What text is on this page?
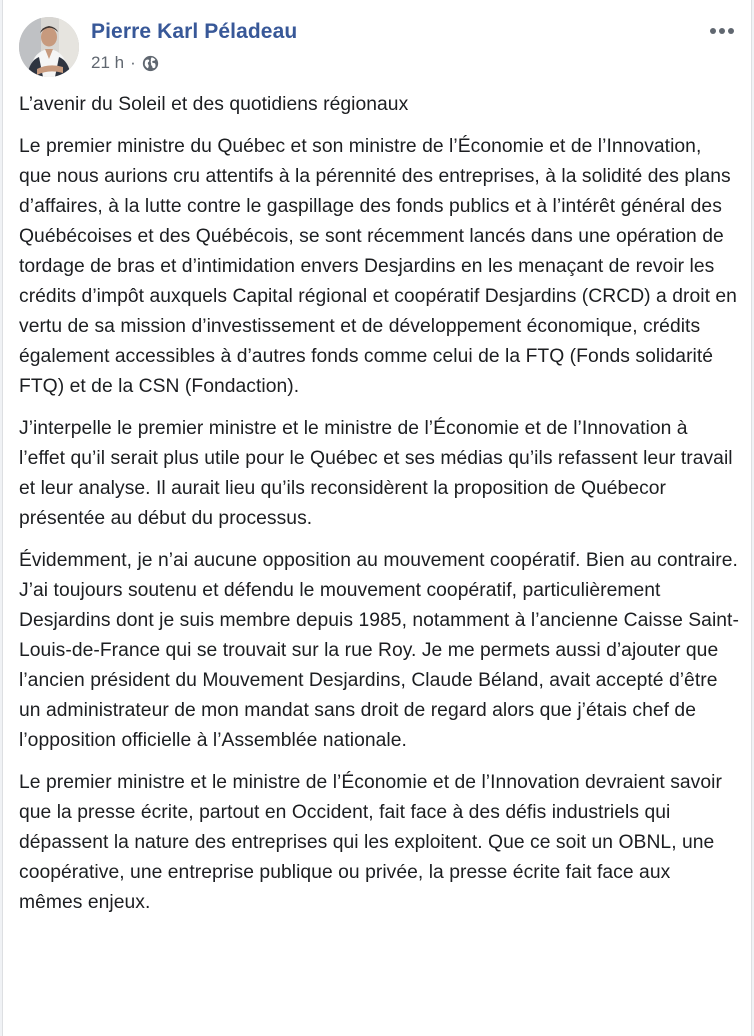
Pierre Karl Péladeau
21 h ·

L’avenir du Soleil et des quotidiens régionaux

Le premier ministre du Québec et son ministre de l’Économie et de l’Innovation, que nous aurions cru attentifs à la pérennité des entreprises, à la solidité des plans d’affaires, à la lutte contre le gaspillage des fonds publics et à l’intérêt général des Québécoises et des Québécois, se sont récemment lancés dans une opération de tordage de bras et d’intimidation envers Desjardins en les menaçant de revoir les crédits d’impôt auxquels Capital régional et coopératif Desjardins (CRCD) a droit en vertu de sa mission d’investissement et de développement économique, crédits également accessibles à d’autres fonds comme celui de la FTQ (Fonds solidarité FTQ) et de la CSN (Fondaction).

J’interpelle le premier ministre et le ministre de l’Économie et de l’Innovation à l’effet qu’il serait plus utile pour le Québec et ses médias qu’ils refassent leur travail et leur analyse. Il aurait lieu qu’ils reconsidèrent la proposition de Québecor présentée au début du processus.

Évidemment, je n’ai aucune opposition au mouvement coopératif. Bien au contraire. J’ai toujours soutenu et défendu le mouvement coopératif, particulièrement Desjardins dont je suis membre depuis 1985, notamment à l’ancienne Caisse Saint-Louis-de-France qui se trouvait sur la rue Roy. Je me permets aussi d’ajouter que l’ancien président du Mouvement Desjardins, Claude Béland, avait accepté d’être un administrateur de mon mandat sans droit de regard alors que j’étais chef de l’opposition officielle à l’Assemblée nationale.

Le premier ministre et le ministre de l’Économie et de l’Innovation devraient savoir que la presse écrite, partout en Occident, fait face à des défis industriels qui dépassent la nature des entreprises qui les exploitent. Que ce soit un OBNL, une coopérative, une entreprise publique ou privée, la presse écrite fait face aux mêmes enjeux.
